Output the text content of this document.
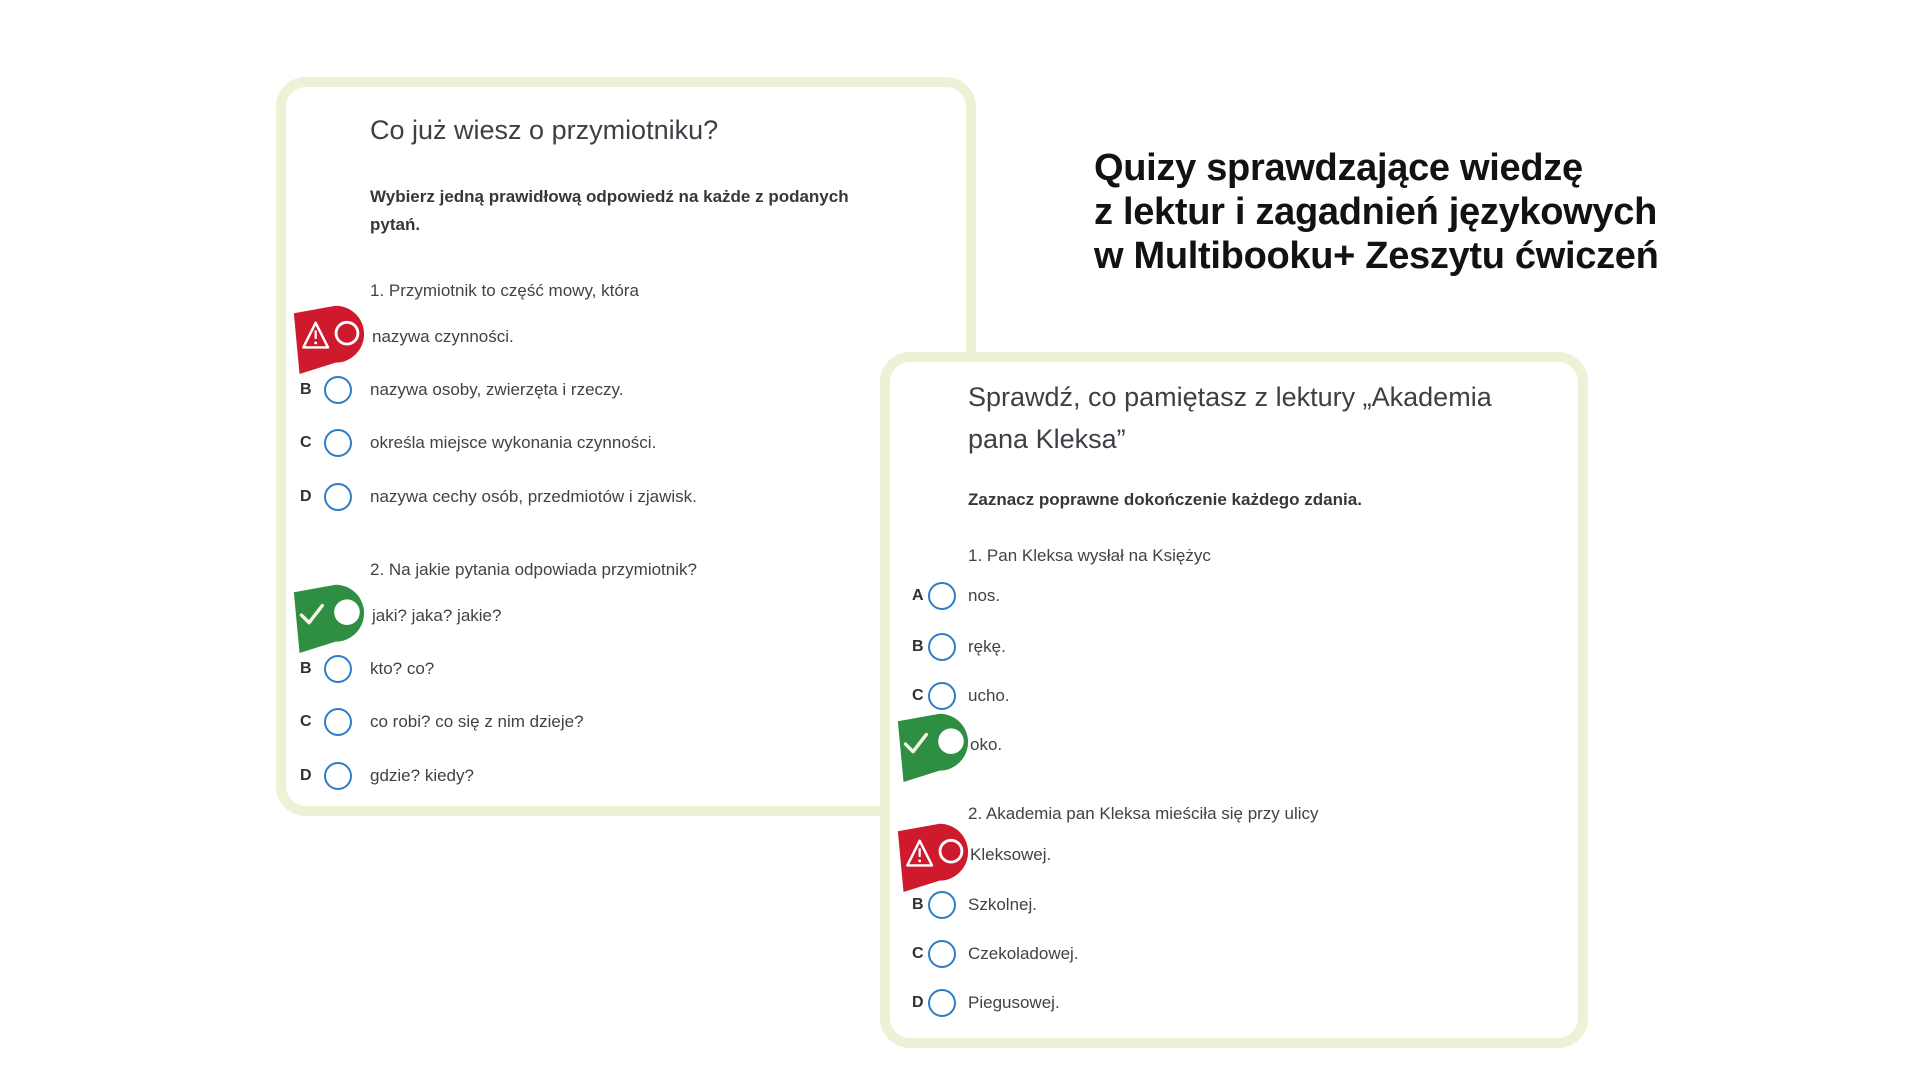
Quizy sprawdzające wiedzę
z lektur i zagadnień językowych
w Multibooku+ Zeszytu ćwiczeń
Co już wiesz o przymiotniku?
Wybierz jedną prawidłową odpowiedź na każde z podanych
pytań.
1. Przymiotnik to część mowy, która
nazywa czynności.
B	nazywa osoby, zwierzęta i rzeczy.
C	określa miejsce wykonania czynności.
D	nazywa cechy osób, przedmiotów i zjawisk.
2. Na jakie pytania odpowiada przymiotnik?
jaki? jaka? jakie?
B	kto? co?
C	co robi? co się z nim dzieje?
D	gdzie? kiedy?
Sprawdź, co pamiętasz z lektury „Akademia
pana Kleksa”
Zaznacz poprawne dokończenie każdego zdania.
1. Pan Kleksa wysłał na Księżyc
A	nos.
B	rękę.
C	ucho.
oko.
2. Akademia pan Kleksa mieściła się przy ulicy
Kleksowej.
B	Szkolnej.
C	Czekoladowej.
D	Piegusowej.
